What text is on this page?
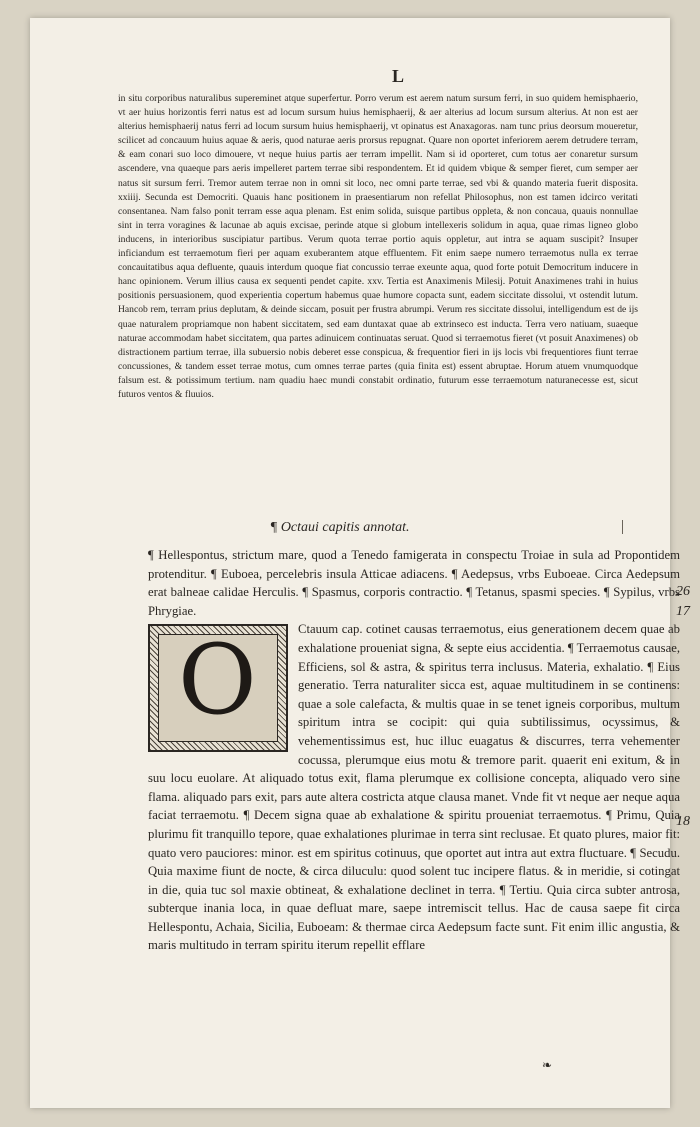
L

in situ corporibus naturalibus supereminet atque superfertur. Porro verum est aerem natum sursum ferri, in suo quidem hemisphaerio, vt aer huius horizontis ferri natus est ad locum sursum huius hemisphaerij, & aer alterius ad locum sursum alterius. At non est aer alterius hemisphaerij natus ferri ad locum sursum huius hemisphaerij, vt opinatus est Anaxagoras. nam tunc prius deorsum moueretur, scilicet ad concauum huius aquae & aeris, quod naturae aeris prorsus repugnat. Quare non oportet inferiorem aerem detrudere terram, & eam conari suo loco dimouere, vt neque huius partis aer terram impellit. Nam si id oporteret, cum totus aer conaretur sursum ascendere, vna quaeque pars aeris impelleret partem terrae sibi respondentem. Et id quidem vbique & semper fieret, cum semper aer natus sit sursum ferri. Tremor autem terrae non in omni sit loco, nec omni parte terrae, sed vbi & quando materia fuerit disposita. xxiiij. Secunda est Democriti. Quauis hanc positionem in praesentiarum non refellat Philosophus, non est tamen idcirco veritati consentanea. Nam falso ponit terram esse aqua plenam. Est enim solida, suisque partibus oppleta, & non concaua, quauis nonnullae sint in terra voragines & lacunae ab aquis excisae, perinde atque si globum intellexeris solidum in aqua, quae rimas ligneo globo inducens, in interioribus suscipiatur partibus. Verum quota terrae portio aquis oppletur, aut intra se aquam suscipit? Insuper inficiandum est terraemotum fieri per aquam exuberantem atque effluentem. Fit enim saepe numero terraemotus nulla ex terrae concauitatibus aqua defluente, quauis interdum quoque fiat concussio terrae exeunte aqua, quod forte potuit Democritum inducere in hanc opinionem. Verum illius causa ex sequenti pendet capite. xxv. Tertia est Anaximenis Milesij. Potuit Anaximenes trahi in huius positionis persuasionem, quod experientia copertum habemus quae humore copacta sunt, eadem siccitate dissolui, vt ostendit lutum. Hancob rem, terram prius deplutam, & deinde siccam, posuit per frustra abrumpi. Verum res siccitate dissolui, intelligendum est de ijs quae naturalem propriamque non habent siccitatem, sed eam duntaxat quae ab extrinseco est inducta. Terra vero natiuam, suaeque naturae accommodam habet siccitatem, qua partes adinuicem continuatas seruat. Quod si terraemotus fieret (vt posuit Anaximenes) ob distractionem partium terrae, illa subuersio nobis deberet esse conspicua, & frequentior fieri in ijs locis vbi frequentiores fiunt terrae concussiones, & tandem esset terrae motus, cum omnes terrae partes (quia finita est) essent abruptae. Horum atuem vnumquodque falsum est. & potissimum tertium. nam quadiu haec mundi constabit ordinatio, futurum esse terraemotum naturanecesse est, sicut futuros ventos & fluuios.

¶ Octaui capitis annotat.

¶ Hellespontus, strictum mare, quod a Tenedo famigerata in conspectu Troiae in sula ad Propontidem protenditur. ¶ Euboea, percelebris insula Atticae adiacens. ¶ Aedepsus, vrbs Euboeae. Circa Aedepsum erat balneae calidae Herculis. ¶ Spasmus, corporis contractio. ¶ Tetanus, spasmi species. ¶ Sypilus, vrbs Phrygiae.

O	Ctauum cap. cotinet causas terraemotus, eius generationem decem quae ab exhalatione proueniat signa, & septe eius accidentia. ¶ Terraemotus causae, Efficiens, sol & astra, & spiritus terra inclusus. Materia, exhalatio. ¶ Eius generatio. Terra naturaliter sicca est, aquae multitudinem in se continens: quae a sole calefacta, & multis quae in se tenet igneis corporibus, multum spiritum intra se cocipit: qui quia subtilissimus, ocyssimus, & vehementissimus est, huc illuc euagatus & discurres, terra vehementer cocussa, plerumque eius motu & tremore parit. quaerit eni exitum, & in suu locu euolare. At aliquado totus exit, flama plerumque ex collisione concepta, aliquado vero sine flama. aliquado pars exit, pars aute altera costricta atque clausa manet. Vnde fit vt neque aer neque aqua faciat terraemotu. ¶ Decem signa quae ab exhalatione & spiritu proueniat terraemotus. ¶ Primu, Quia plurimu fit tranquillo tepore, quae exhalationes plurimae in terra sint reclusae. Et quato plures, maior fit: quato vero pauciores: minor. est em spiritus cotinuus, que oportet aut intra aut extra fluctuare. ¶ Secudu. Quia maxime fiunt de nocte, & circa diluculu: quod solent tuc incipere flatus. & in meridie, si cotingat in die, quia tuc sol maxie obtineat, & exhalatione declinet in terra. ¶ Tertiu. Quia circa subter antrosa, subterque inania loca, in quae defluat mare, saepe intremiscit tellus. Hac de causa saepe fit circa Hellespontu, Achaia, Sicilia, Euboeam: & thermae circa Aedepsum facte sunt. Fit enim illic angustia, & maris multitudo in terram spiritu iterum repellit efflare

26
17
18
❧
